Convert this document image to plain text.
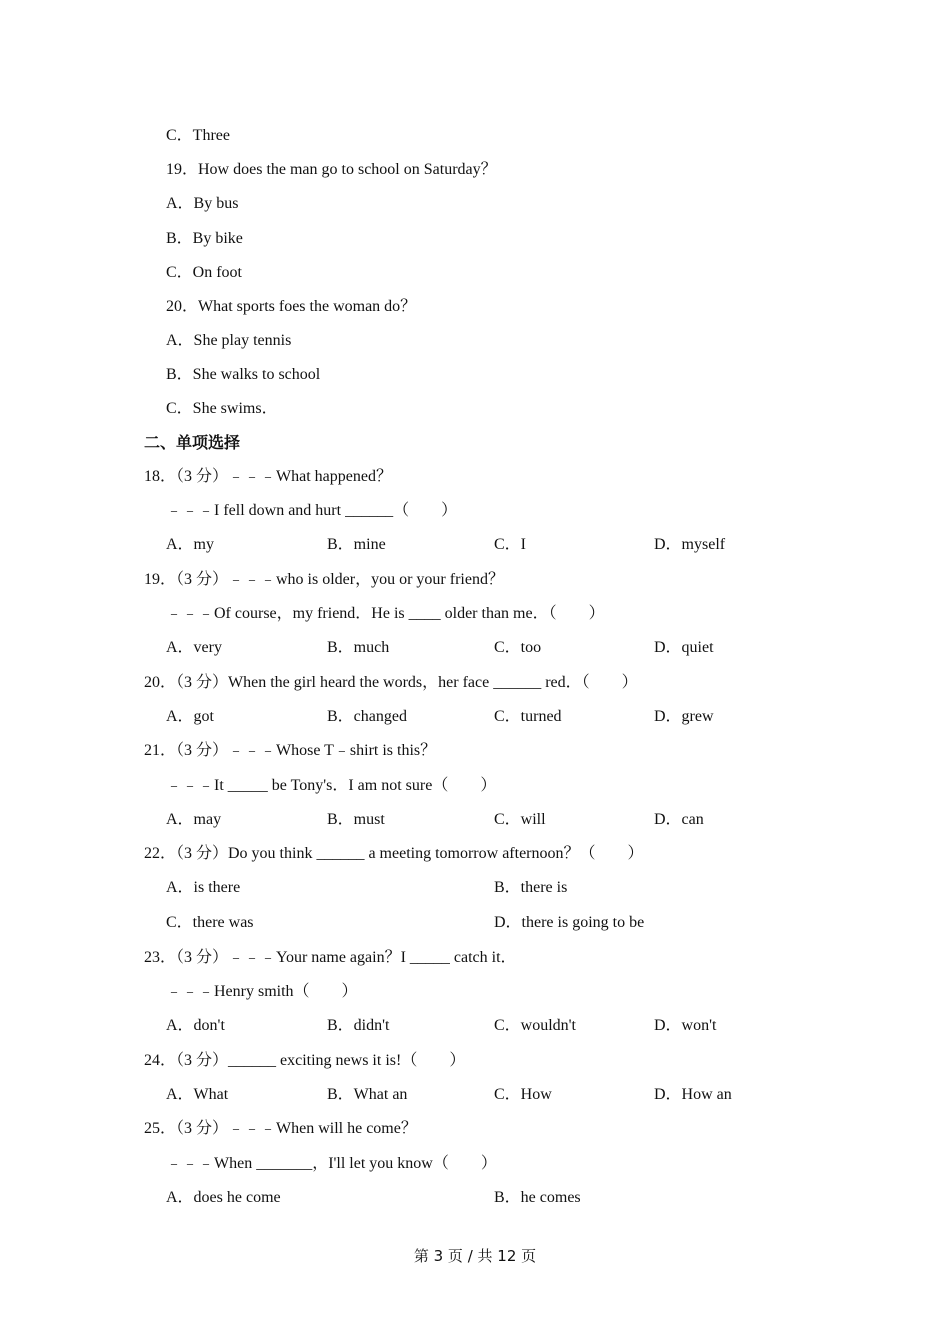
C．Three
19．How does the man go to school on Saturday？
A．By bus
B．By bike
C．On foot
20．What sports foes the woman do？
A．She play tennis
B．She walks to school
C．She swims．
二、单项选择
18．（3 分）﹣﹣﹣What happened？
﹣﹣﹣I fell down and hurt ______（　　）
A．my	B．mine	C．I	D．myself
19．（3 分）﹣﹣﹣who is older，you or your friend？
﹣﹣﹣Of course，my friend．He is ____ older than me．（　　）
A．very	B．much	C．too	D．quiet
20．（3 分）When the girl heard the words，her face ______ red．（　　）
A．got	B．changed	C．turned	D．grew
21．（3 分）﹣﹣﹣Whose T﹣shirt is this？
﹣﹣﹣It _____ be Tony's．I am not sure（　　）
A．may	B．must	C．will	D．can
22．（3 分）Do you think ______ a meeting tomorrow afternoon？（　　）
A．is there	B．there is
C．there was	D．there is going to be
23．（3 分）﹣﹣﹣Your name again？I _____ catch it．
﹣﹣﹣Henry smith（　　）
A．don't	B．didn't	C．wouldn't	D．won't
24．（3 分）______ exciting news it is!（　　）
A．What	B．What an	C．How	D．How an
25．（3 分）﹣﹣﹣When will he come？
﹣﹣﹣When _______，I'll let you know（　　）
A．does he come	B．he comes
第 3 页 / 共 12 页
